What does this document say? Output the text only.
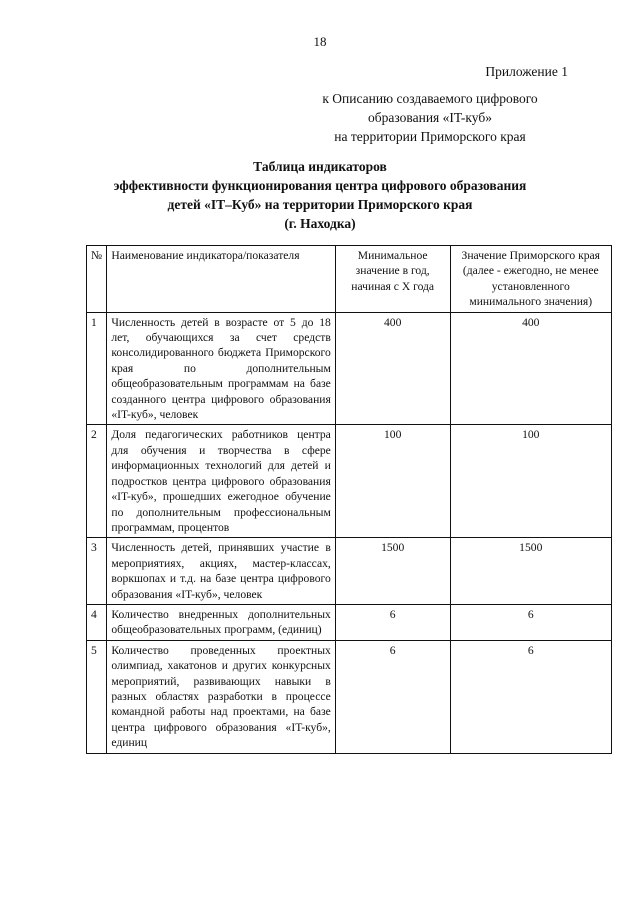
18
Приложение 1
к Описанию создаваемого цифрового
образования «IT-куб»
на территории Приморского края
Таблица индикаторов
эффективности функционирования центра цифрового образования
детей «IT–Куб» на территории Приморского края
(г. Находка)
№	Наименование индикатора/показателя	Минимальное значение в год, начиная с X года	Значение Приморского края (далее - ежегодно, не менее установленного минимального значения)
1	Численность детей в возрасте от 5 до 18 лет, обучающихся за счет средств консолидированного бюджета Приморского края по дополнительным общеобразовательным программам на базе созданного центра цифрового образования «IT-куб», человек	400	400
2	Доля педагогических работников центра для обучения и творчества в сфере информационных технологий для детей и подростков центра цифрового образования «IT-куб», прошедших ежегодное обучение по дополнительным профессиональным программам, процентов	100	100
3	Численность детей, принявших участие в мероприятиях, акциях, мастер-классах, воркшопах и т.д. на базе центра цифрового образования «IT-куб», человек	1500	1500
4	Количество внедренных дополнительных общеобразовательных программ, (единиц)	6	6
5	Количество проведенных проектных олимпиад, хакатонов и других конкурсных мероприятий, развивающих навыки в разных областях разработки в процессе командной работы над проектами, на базе центра цифрового образования «IT-куб», единиц	6	6
